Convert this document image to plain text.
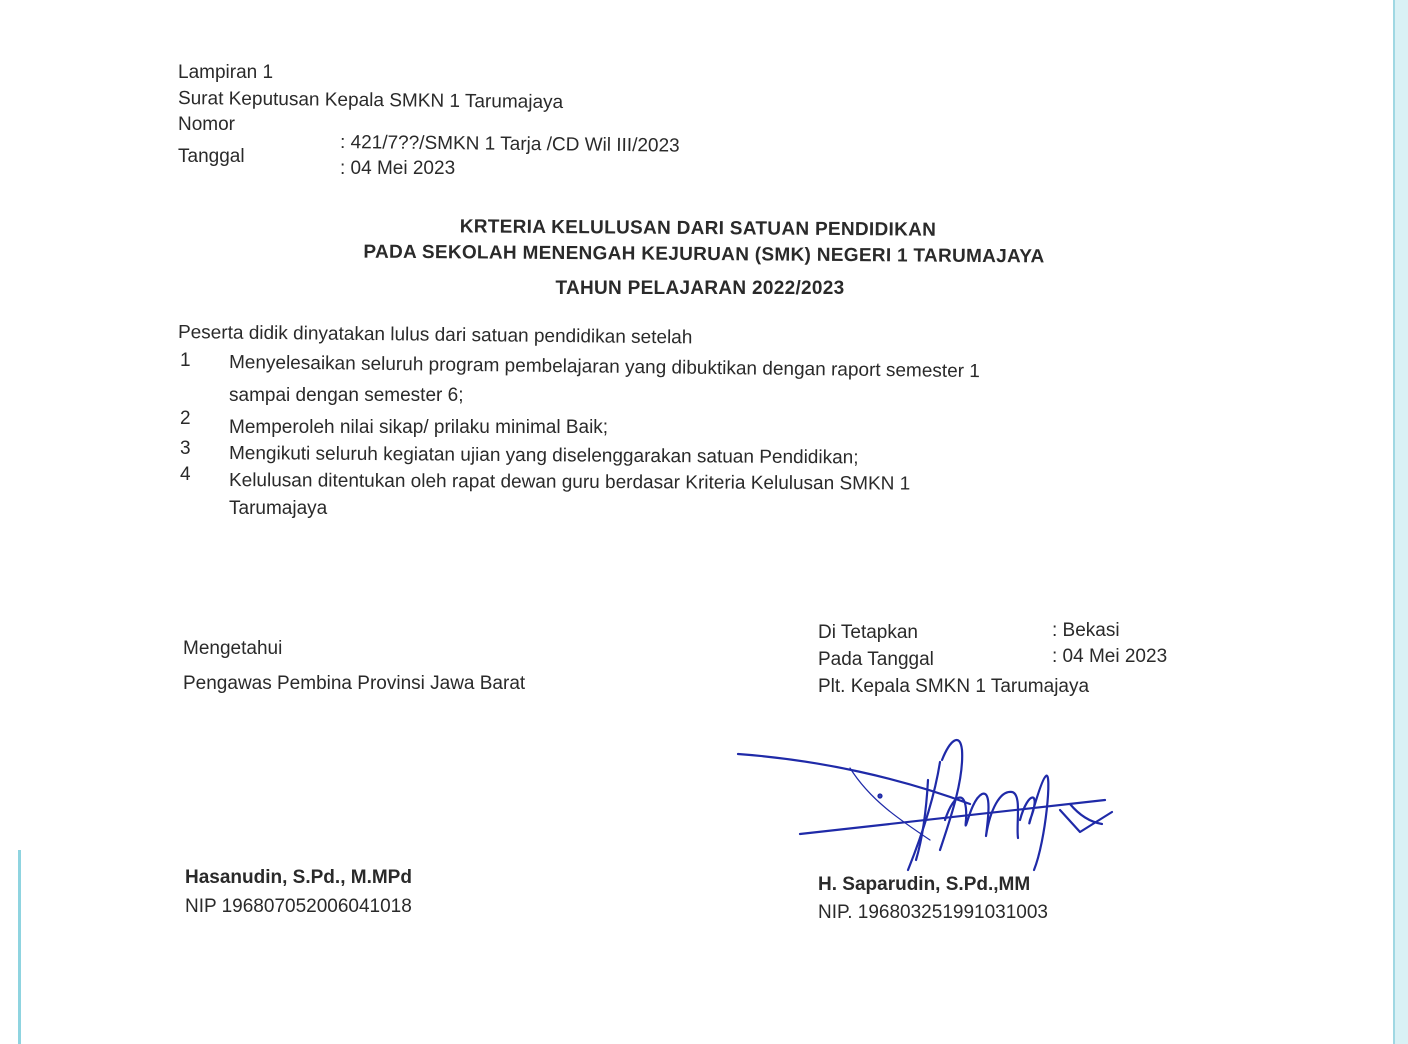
Lampiran 1
Surat Keputusan Kepala SMKN 1 Tarumajaya
Nomor
: 421/7??/SMKN 1 Tarja /CD Wil III/2023
Tanggal
: 04 Mei 2023
KRTERIA KELULUSAN DARI SATUAN PENDIDIKAN
PADA SEKOLAH MENENGAH KEJURUAN (SMK) NEGERI 1 TARUMAJAYA
TAHUN PELAJARAN 2022/2023
Peserta didik dinyatakan lulus dari satuan pendidikan setelah
1 Menyelesaikan seluruh program pembelajaran yang dibuktikan dengan raport semester 1
sampai dengan semester 6;
2 Memperoleh nilai sikap/ prilaku minimal Baik;
3 Mengikuti seluruh kegiatan ujian yang diselenggarakan satuan Pendidikan;
4 Kelulusan ditentukan oleh rapat dewan guru berdasar Kriteria Kelulusan SMKN 1
Tarumajaya
Mengetahui
Pengawas Pembina Provinsi Jawa Barat
Hasanudin, S.Pd., M.MPd
NIP 196807052006041018
Di Tetapkan	: Bekasi
Pada Tanggal	: 04 Mei 2023
Plt. Kepala SMKN 1 Tarumajaya
H. Saparudin, S.Pd.,MM
NIP. 196803251991031003
